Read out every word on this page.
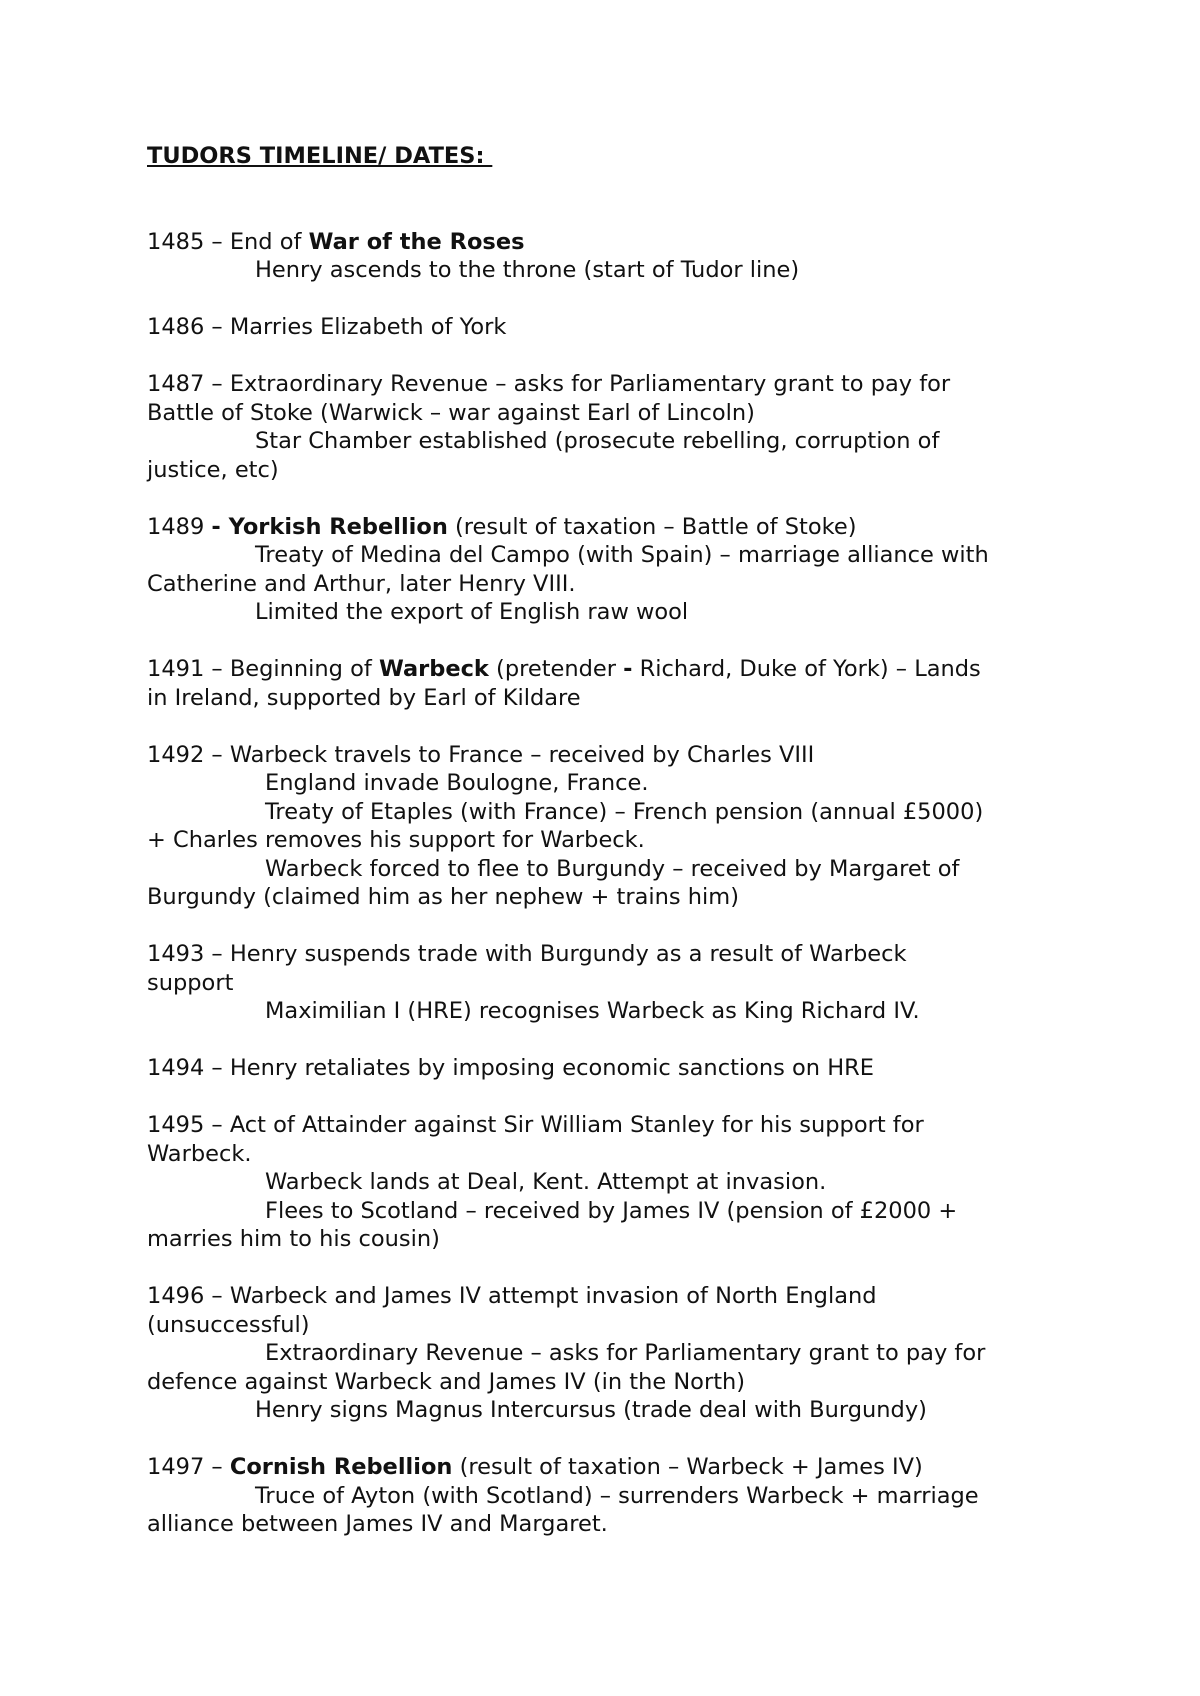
TUDORS TIMELINE/ DATES:
1485 – End of War of the Roses
Henry ascends to the throne (start of Tudor line)
1486 – Marries Elizabeth of York
1487 – Extraordinary Revenue – asks for Parliamentary grant to pay for
Battle of Stoke (Warwick – war against Earl of Lincoln)
Star Chamber established (prosecute rebelling, corruption of
justice, etc)
1489 - Yorkish Rebellion (result of taxation – Battle of Stoke)
Treaty of Medina del Campo (with Spain) – marriage alliance with
Catherine and Arthur, later Henry VIII.
Limited the export of English raw wool
1491 – Beginning of Warbeck (pretender - Richard, Duke of York) – Lands
in Ireland, supported by Earl of Kildare
1492 – Warbeck travels to France – received by Charles VIII
England invade Boulogne, France.
Treaty of Etaples (with France) – French pension (annual £5000)
+ Charles removes his support for Warbeck.
Warbeck forced to flee to Burgundy – received by Margaret of
Burgundy (claimed him as her nephew + trains him)
1493 – Henry suspends trade with Burgundy as a result of Warbeck
support
Maximilian I (HRE) recognises Warbeck as King Richard IV.
1494 – Henry retaliates by imposing economic sanctions on HRE
1495 – Act of Attainder against Sir William Stanley for his support for
Warbeck.
Warbeck lands at Deal, Kent. Attempt at invasion.
Flees to Scotland – received by James IV (pension of £2000 +
marries him to his cousin)
1496 – Warbeck and James IV attempt invasion of North England
(unsuccessful)
Extraordinary Revenue – asks for Parliamentary grant to pay for
defence against Warbeck and James IV (in the North)
Henry signs Magnus Intercursus (trade deal with Burgundy)
1497 – Cornish Rebellion (result of taxation – Warbeck + James IV)
Truce of Ayton (with Scotland) – surrenders Warbeck + marriage
alliance between James IV and Margaret.
